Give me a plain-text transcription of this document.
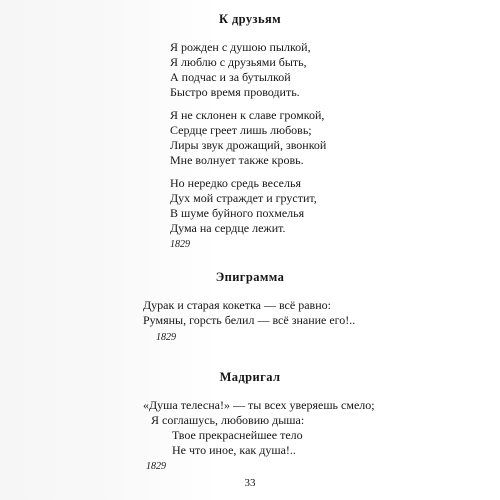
К друзьям

Я рожден с душою пылкой,

Я люблю с друзьями быть,

А подчас и за бутылкой

Быстро время проводить.

Я не склонен к славе громкой,

Сердце греет лишь любовь;

Лиры звук дрожащий, звонкой

Мне волнует также кровь.

Но нередко средь веселья

Дух мой страждет и грустит,

В шуме буйного похмелья

Дума на сердце лежит.

1829

Эпиграмма

Дурак и старая кокетка — всё равно:

Румяны, горсть белил — всё знание его!..

1829

Мадригал

«Душа телесна!» — ты всех уверяешь смело;

Я соглашусь, любовию дыша:

Твое прекраснейшее тело

Не что иное, как душа!..

1829

33
